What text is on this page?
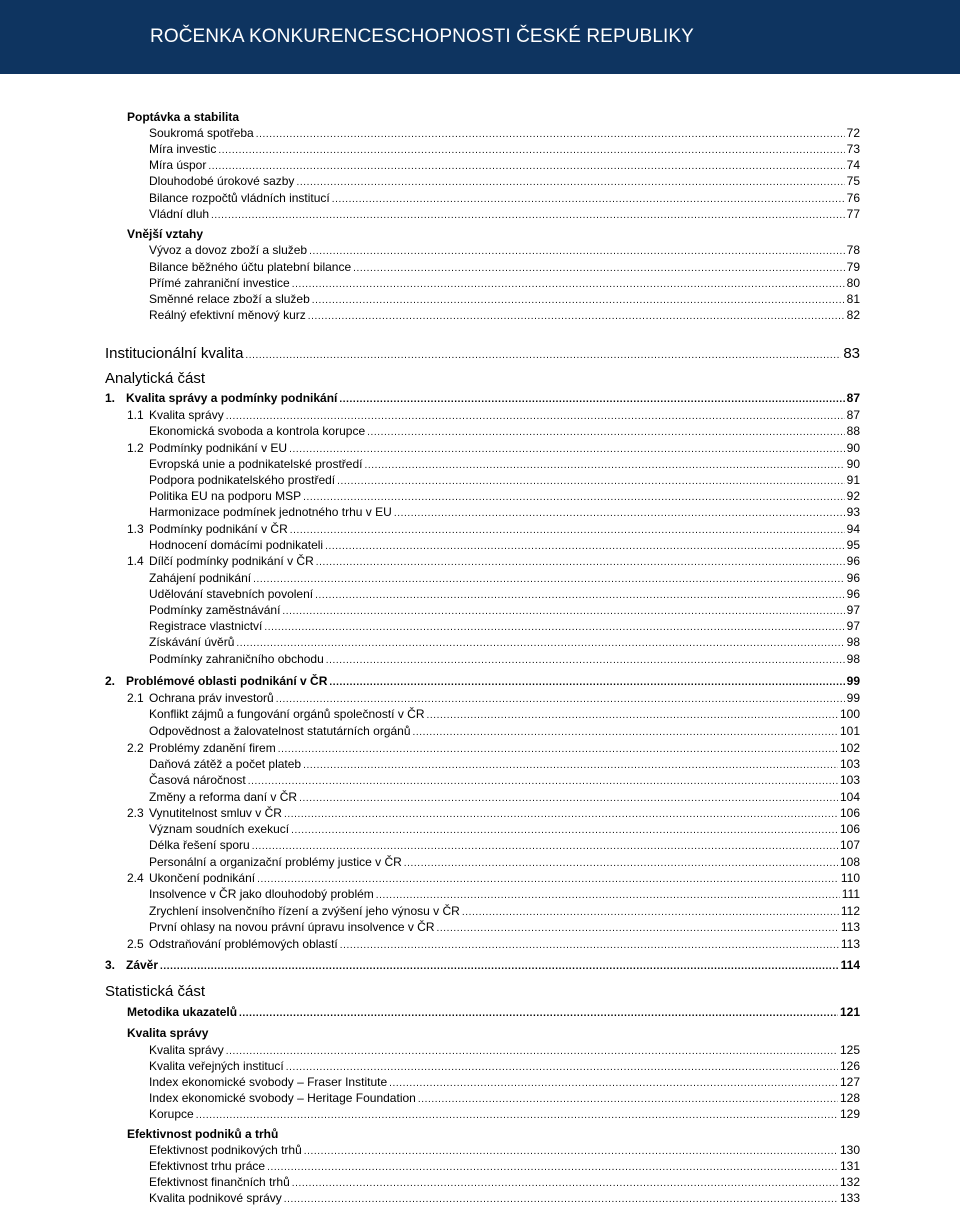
ROČENKA KONKURENCESCHOPNOSTI ČESKÉ REPUBLIKY
Poptávka a stabilita
Soukromá spotřeba .....	72
Míra investic .....	73
Míra úspor .....	74
Dlouhodobé úrokové sazby .....	75
Bilance rozpočtů vládních institucí .....	76
Vládní dluh .....	77
Vnější vztahy
Vývoz a dovoz zboží a služeb .....	78
Bilance běžného účtu platební bilance .....	79
Přímé zahraniční investice .....	80
Směnné relace zboží a služeb .....	81
Reálný efektivní měnový kurz .....	82
Institucionální kvalita .....	83
Analytická část
1. Kvalita správy a podmínky podnikání .....	87
1.1 Kvalita správy .....	87
Ekonomická svoboda a kontrola korupce .....	88
1.2 Podmínky podnikání v EU .....	90
Evropská unie a podnikatelské prostředí .....	90
Podpora podnikatelského prostředí .....	91
Politika EU na podporu MSP .....	92
Harmonizace podmínek jednotného trhu v EU .....	93
1.3 Podmínky podnikání v ČR .....	94
Hodnocení domácími podnikateli .....	95
1.4 Dílčí podmínky podnikání v ČR .....	96
Zahájení podnikání .....	96
Udělování stavebních povolení .....	96
Podmínky zaměstnávání .....	97
Registrace vlastnictví .....	97
Získávání úvěrů .....	98
Podmínky zahraničního obchodu .....	98
2. Problémové oblasti podnikání v ČR .....	99
2.1 Ochrana práv investorů .....	99
Konflikt zájmů a fungování orgánů společností v ČR .....	100
Odpovědnost a žalovatelnost statutárních orgánů .....	101
2.2 Problémy zdanění firem .....	102
Daňová zátěž a počet plateb .....	103
Časová náročnost .....	103
Změny a reforma daní v ČR .....	104
2.3 Vynutitelnost smluv v ČR .....	106
Význam soudních exekucí .....	106
Délka řešení sporu .....	107
Personální a organizační problémy justice v ČR .....	108
2.4 Ukončení podnikání .....	110
Insolvence v ČR jako dlouhodobý problém .....	111
Zrychlení insolvenčního řízení a zvýšení jeho výnosu v ČR .....	112
První ohlasy na novou právní úpravu insolvence v ČR .....	113
2.5 Odstraňování problémových oblastí .....	113
3. Závěr .....	114
Statistická část
Metodika ukazatelů .....	121
Kvalita správy
Kvalita správy .....	125
Kvalita veřejných institucí .....	126
Index ekonomické svobody – Fraser Institute .....	127
Index ekonomické svobody – Heritage Foundation .....	128
Korupce .....	129
Efektivnost podniků a trhů
Efektivnost podnikových trhů .....	130
Efektivnost trhu práce .....	131
Efektivnost finančních trhů .....	132
Kvalita podnikové správy .....	133
